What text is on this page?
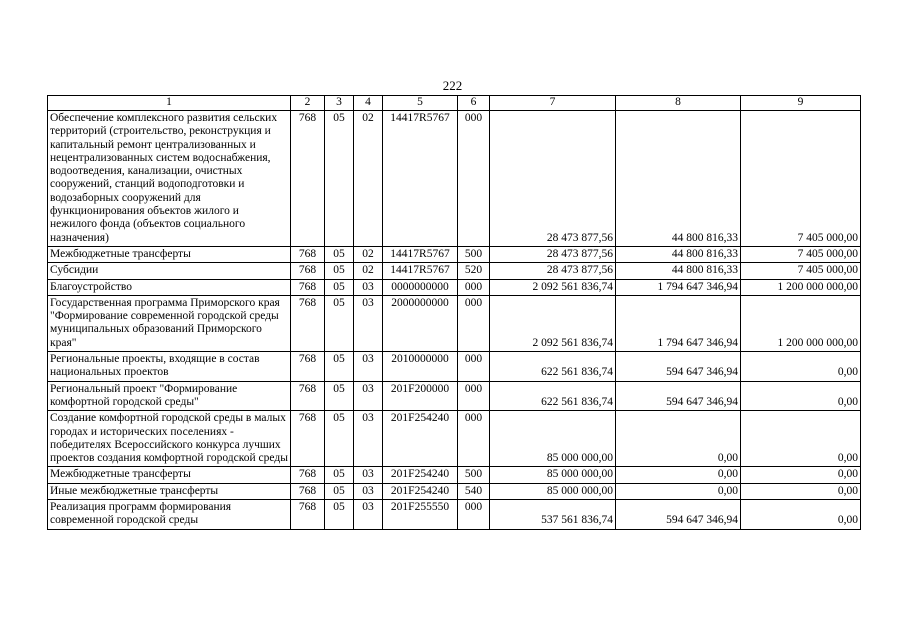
222
1	2	3	4	5	6	7	8	9
Обеспечение комплексного развития сельских территорий (строительство, реконструкция и капитальный ремонт централизованных и нецентрализованных систем водоснабжения, водоотведения, канализации, очистных сооружений, станций водоподготовки и водозаборных сооружений для функционирования объектов жилого и нежилого фонда (объектов социального назначения)	768	05	02	14417R5767	000	28 473 877,56	44 800 816,33	7 405 000,00
Межбюджетные трансферты	768	05	02	14417R5767	500	28 473 877,56	44 800 816,33	7 405 000,00
Субсидии	768	05	02	14417R5767	520	28 473 877,56	44 800 816,33	7 405 000,00
Благоустройство	768	05	03	0000000000	000	2 092 561 836,74	1 794 647 346,94	1 200 000 000,00
Государственная программа Приморского края "Формирование современной городской среды муниципальных образований Приморского края"	768	05	03	2000000000	000	2 092 561 836,74	1 794 647 346,94	1 200 000 000,00
Региональные проекты, входящие в состав национальных проектов	768	05	03	2010000000	000	622 561 836,74	594 647 346,94	0,00
Региональный проект "Формирование комфортной городской среды"	768	05	03	201F200000	000	622 561 836,74	594 647 346,94	0,00
Создание комфортной городской среды в малых городах и исторических поселениях - победителях Всероссийского конкурса лучших проектов создания комфортной городской среды	768	05	03	201F254240	000	85 000 000,00	0,00	0,00
Межбюджетные трансферты	768	05	03	201F254240	500	85 000 000,00	0,00	0,00
Иные межбюджетные трансферты	768	05	03	201F254240	540	85 000 000,00	0,00	0,00
Реализация программ формирования современной городской среды	768	05	03	201F255550	000	537 561 836,74	594 647 346,94	0,00
